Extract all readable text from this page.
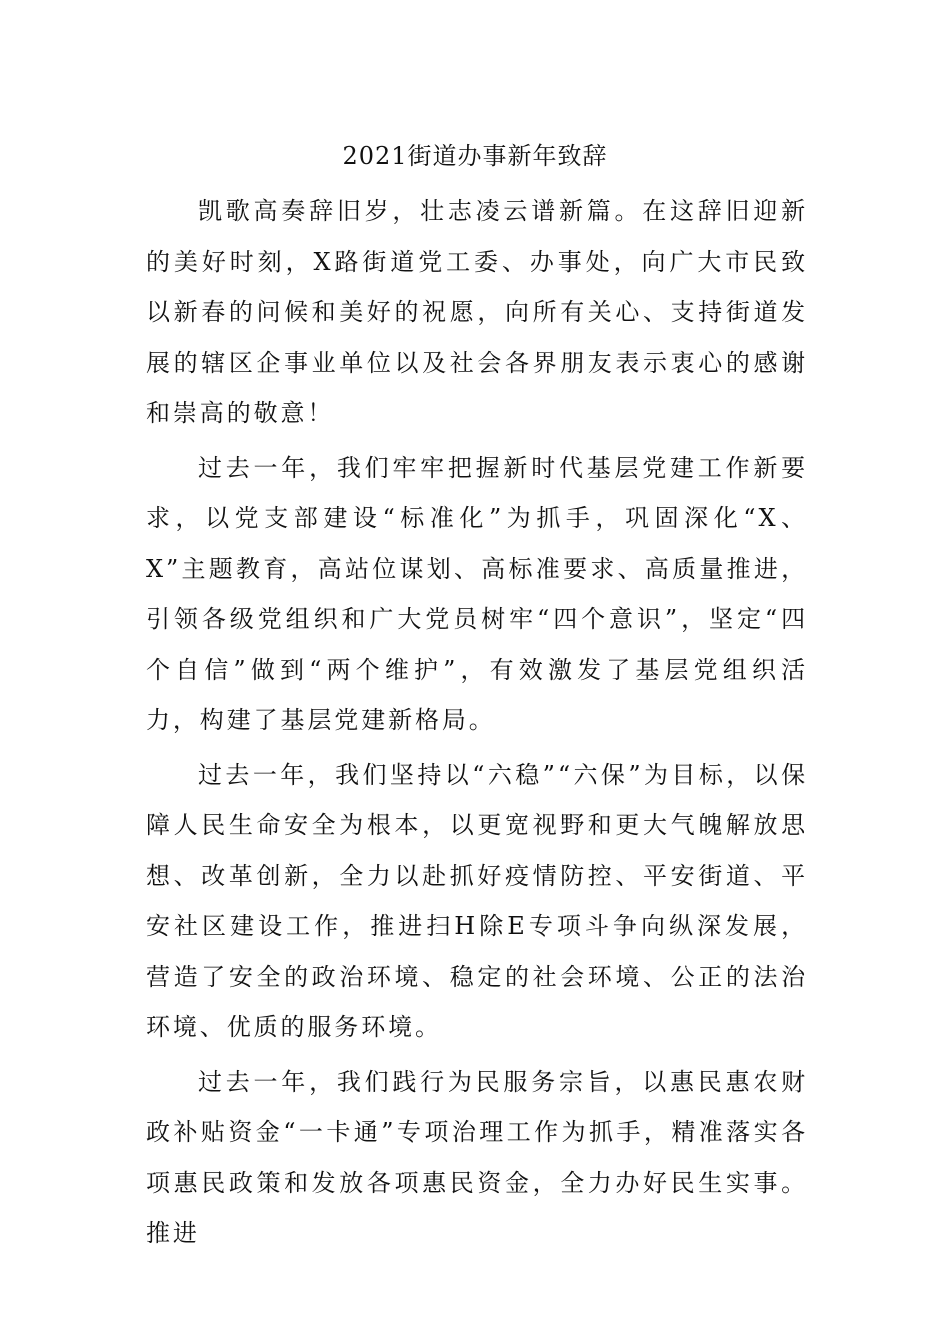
2021街道办事新年致辞

凯歌高奏辞旧岁，壮志凌云谱新篇。在这辞旧迎新的美好时刻，X路街道党工委、办事处，向广大市民致以新春的问候和美好的祝愿，向所有关心、支持街道发展的辖区企事业单位以及社会各界朋友表示衷心的感谢和崇高的敬意！

过去一年，我们牢牢把握新时代基层党建工作新要求，以党支部建设“标准化”为抓手，巩固深化“X、X”主题教育，高站位谋划、高标准要求、高质量推进，引领各级党组织和广大党员树牢“四个意识”，坚定“四个自信”做到“两个维护”，有效激发了基层党组织活力，构建了基层党建新格局。

过去一年，我们坚持以“六稳”“六保”为目标，以保障人民生命安全为根本，以更宽视野和更大气魄解放思想、改革创新，全力以赴抓好疫情防控、平安街道、平安社区建设工作，推进扫H除E专项斗争向纵深发展，营造了安全的政治环境、稳定的社会环境、公正的法治环境、优质的服务环境。

过去一年，我们践行为民服务宗旨，以惠民惠农财政补贴资金“一卡通”专项治理工作为抓手，精准落实各项惠民政策和发放各项惠民资金，全力办好民生实事。推进
